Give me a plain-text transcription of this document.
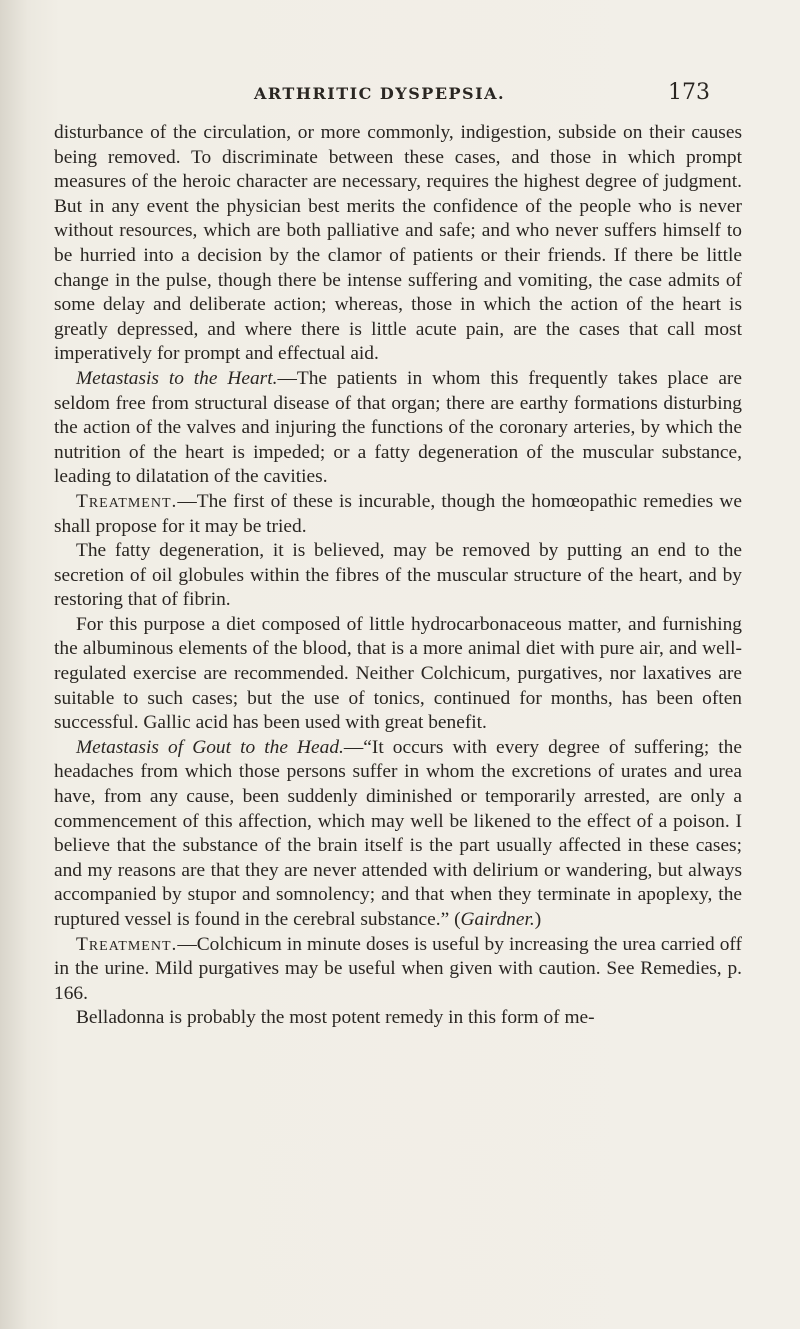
ARTHRITIC DYSPEPSIA.	173

disturbance of the circulation, or more commonly, indigestion, subside on their causes being removed. To discriminate between these cases, and those in which prompt measures of the heroic character are necessary, requires the highest degree of judgment. But in any event the physician best merits the confidence of the people who is never without resources, which are both palliative and safe; and who never suffers himself to be hurried into a decision by the clamor of patients or their friends. If there be little change in the pulse, though there be intense suffering and vomiting, the case admits of some delay and deliberate action; whereas, those in which the action of the heart is greatly depressed, and where there is little acute pain, are the cases that call most imperatively for prompt and effectual aid.

Metastasis to the Heart.—The patients in whom this frequently takes place are seldom free from structural disease of that organ; there are earthy formations disturbing the action of the valves and injuring the functions of the coronary arteries, by which the nutrition of the heart is impeded; or a fatty degeneration of the muscular substance, leading to dilatation of the cavities.

Treatment.—The first of these is incurable, though the homœopathic remedies we shall propose for it may be tried.

The fatty degeneration, it is believed, may be removed by putting an end to the secretion of oil globules within the fibres of the muscular structure of the heart, and by restoring that of fibrin.

For this purpose a diet composed of little hydrocarbonaceous matter, and furnishing the albuminous elements of the blood, that is a more animal diet with pure air, and well-regulated exercise are recommended. Neither Colchicum, purgatives, nor laxatives are suitable to such cases; but the use of tonics, continued for months, has been often successful. Gallic acid has been used with great benefit.

Metastasis of Gout to the Head.—“It occurs with every degree of suffering; the headaches from which those persons suffer in whom the excretions of urates and urea have, from any cause, been suddenly diminished or temporarily arrested, are only a commencement of this affection, which may well be likened to the effect of a poison. I believe that the substance of the brain itself is the part usually affected in these cases; and my reasons are that they are never attended with delirium or wandering, but always accompanied by stupor and somnolency; and that when they terminate in apoplexy, the ruptured vessel is found in the cerebral substance.” (Gairdner.)

Treatment.—Colchicum in minute doses is useful by increasing the urea carried off in the urine. Mild purgatives may be useful when given with caution. See Remedies, p. 166.

Belladonna is probably the most potent remedy in this form of me-
